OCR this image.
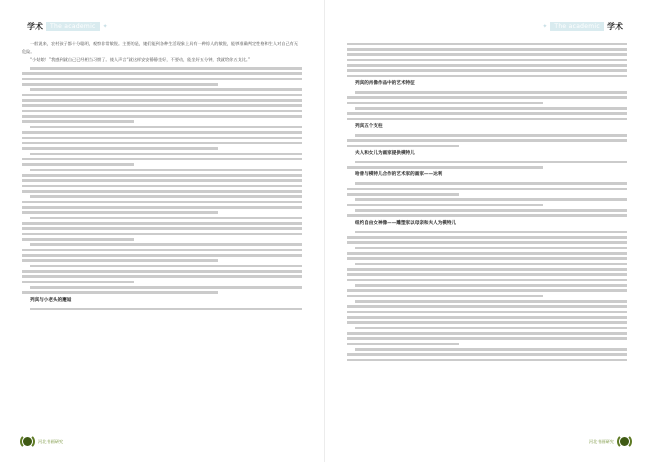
学术	The academic	✦

一般说来，农村孩子都十分聪明，观察非常敏锐。主要的是，她们能到各种生活现象上具有一种惊人的敏锐，能够准确判定性格和生人对自己有无危险。

“小姑娘！”我感到就自己已经相当习惯了。使人声言“就这样安安静静坐好，不要动，能坐好五分钟，我就给你五戈比。”

列宾与小老头的邂逅

河北书画研究
✦	The academic 学术

列宾的肖像作品中的艺术特征

列宾五个支柱

夫人和女儿为画家提供模特儿

哈普与模特儿合作的艺术家的画家——达利

纽约自由女神像——雕塑家以母亲和夫人为模特儿

河北书画研究
